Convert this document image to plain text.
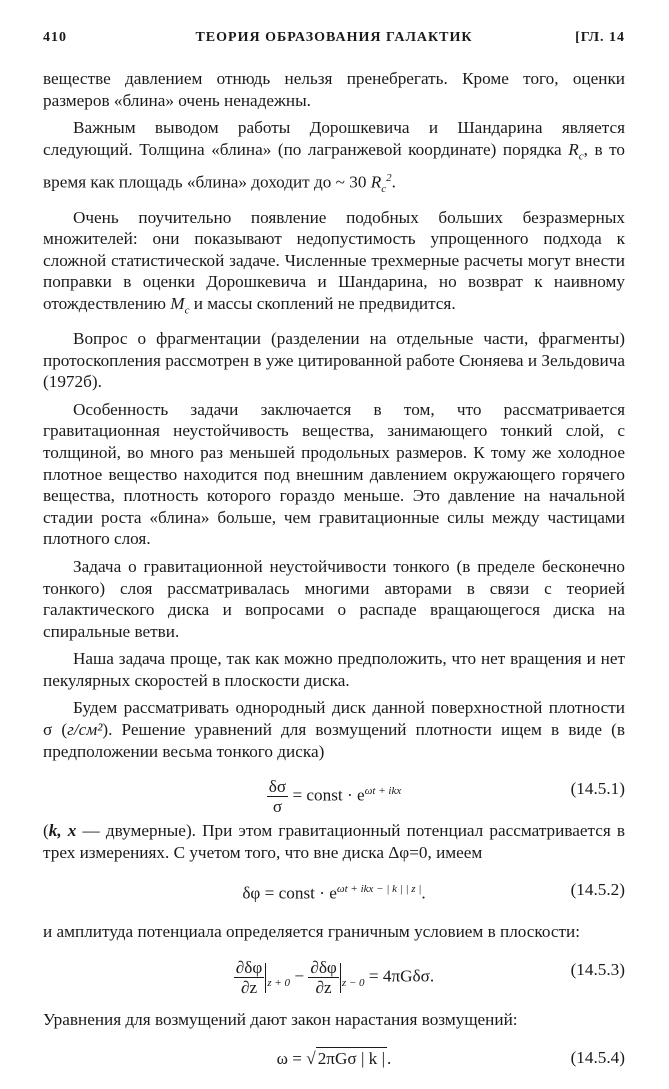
410	ТЕОРИЯ ОБРАЗОВАНИЯ ГАЛАКТИК	[ГЛ. 14

веществе давлением отнюдь нельзя пренебрегать. Кроме того, оценки размеров «блина» очень ненадежны.

Важным выводом работы Дорошкевича и Шандарина является следующий. Толщина «блина» (по лагранжевой координате) порядка $R_c$, в то время как площадь «блина» доходит до ~ 30 $R_c^2$.

Очень поучительно появление подобных больших безразмерных множителей: они показывают недопустимость упрощенного подхода к сложной статистической задаче. Численные трехмерные расчеты могут внести поправки в оценки Дорошкевича и Шандарина, но возврат к наивному отождествлению $M_c$ и массы скоплений не предвидится.

Вопрос о фрагментации (разделении на отдельные части, фрагменты) протоскопления рассмотрен в уже цитированной работе Сюняева и Зельдовича (1972б).

Особенность задачи заключается в том, что рассматривается гравитационная неустойчивость вещества, занимающего тонкий слой, с толщиной, во много раз меньшей продольных размеров. К тому же холодное плотное вещество находится под внешним давлением окружающего горячего вещества, плотность которого гораздо меньше. Это давление на начальной стадии роста «блина» больше, чем гравитационные силы между частицами плотного слоя.

Задача о гравитационной неустойчивости тонкого (в пределе бесконечно тонкого) слоя рассматривалась многими авторами в связи с теорией галактического диска и вопросами о распаде вращающегося диска на спиральные ветви.

Наша задача проще, так как можно предположить, что нет вращения и нет пекулярных скоростей в плоскости диска.

Будем рассматривать однородный диск данной поверхностной плотности σ (г/см²). Решение уравнений для возмущений плотности ищем в виде (в предположении весьма тонкого диска)

$\frac{\delta\sigma}{\sigma}$ = const · $e^{\omega t + ikx}$	(14.5.1)

(k, x — двумерные). При этом гравитационный потенциал рассматривается в трех измерениях. С учетом того, что вне диска Δφ=0, имеем

δφ = const · $e^{\omega t + ikx - | k | | z |}$.	(14.5.2)

и амплитуда потенциала определяется граничным условием в плоскости:

$\frac{\partial\delta\varphi}{\partial z} _{z + 0} - \frac{\partial\delta\varphi}{\partial z} _{z - 0} = 4\pi G\delta\sigma$.	(14.5.3)

Уравнения для возмущений дают закон нарастания возмущений:

ω = √ 2πGσ | k | .	(14.5.4)
